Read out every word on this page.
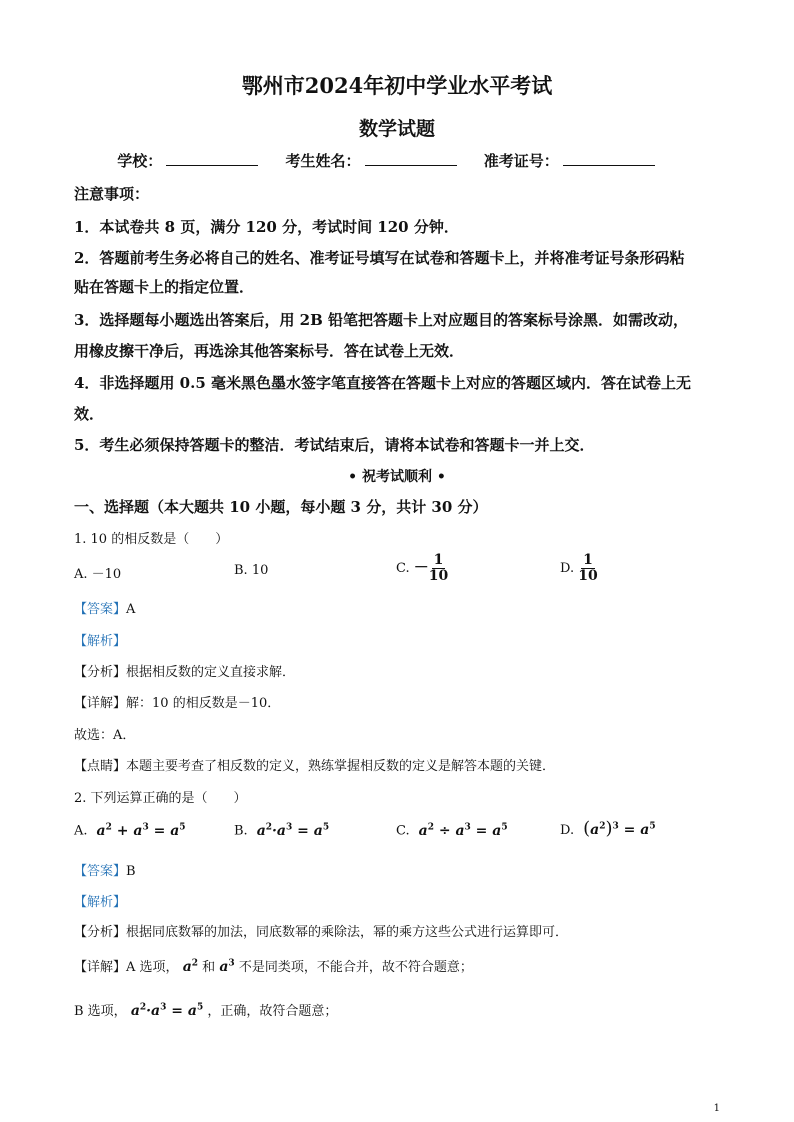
鄂州市2024年初中学业水平考试
数学试题
学校：	考生姓名：	准考证号：
注意事项：
1．本试卷共 8 页，满分 120 分，考试时间 120 分钟．
2．答题前考生务必将自己的姓名、准考证号填写在试卷和答题卡上，并将准考证号条形码粘
贴在答题卡上的指定位置．
3．选择题每小题选出答案后，用 2B 铅笔把答题卡上对应题目的答案标号涂黑．如需改动，
用橡皮擦干净后，再选涂其他答案标号．答在试卷上无效．
4．非选择题用 0.5 毫米黑色墨水签字笔直接答在答题卡上对应的答题区域内．答在试卷上无
效．
5．考生必须保持答题卡的整洁．考试结束后，请将本试卷和答题卡一并上交．
• 祝考试顺利 •
一、选择题（本大题共 10 小题，每小题 3 分，共计 30 分）
1. 10 的相反数是（　　）
A. －10	B. 10	C. － $\frac{1}{10}$	D. $\frac{1}{10}$
【答案】A
【解析】
【分析】根据相反数的定义直接求解．
【详解】解：10 的相反数是－10．
故选：A．
【点睛】本题主要考查了相反数的定义，熟练掌握相反数的定义是解答本题的关键．
2. 下列运算正确的是（　　）
A.  $a^2 + a^3 = a^5$	B.  $a^2\cdot a^3 = a^5$	C.  $a^2 \div a^3 = a^5$	D. $(a^2)^3 = a^5$
【答案】B
【解析】
【分析】根据同底数幂的加法，同底数幂的乘除法，幂的乘方这些公式进行运算即可．
【详解】A 选项， $a^2$ 和 $a^3$ 不是同类项，不能合并，故不符合题意；
B 选项， $a^2\cdot a^3 = a^5$ ，正确，故符合题意；
1
